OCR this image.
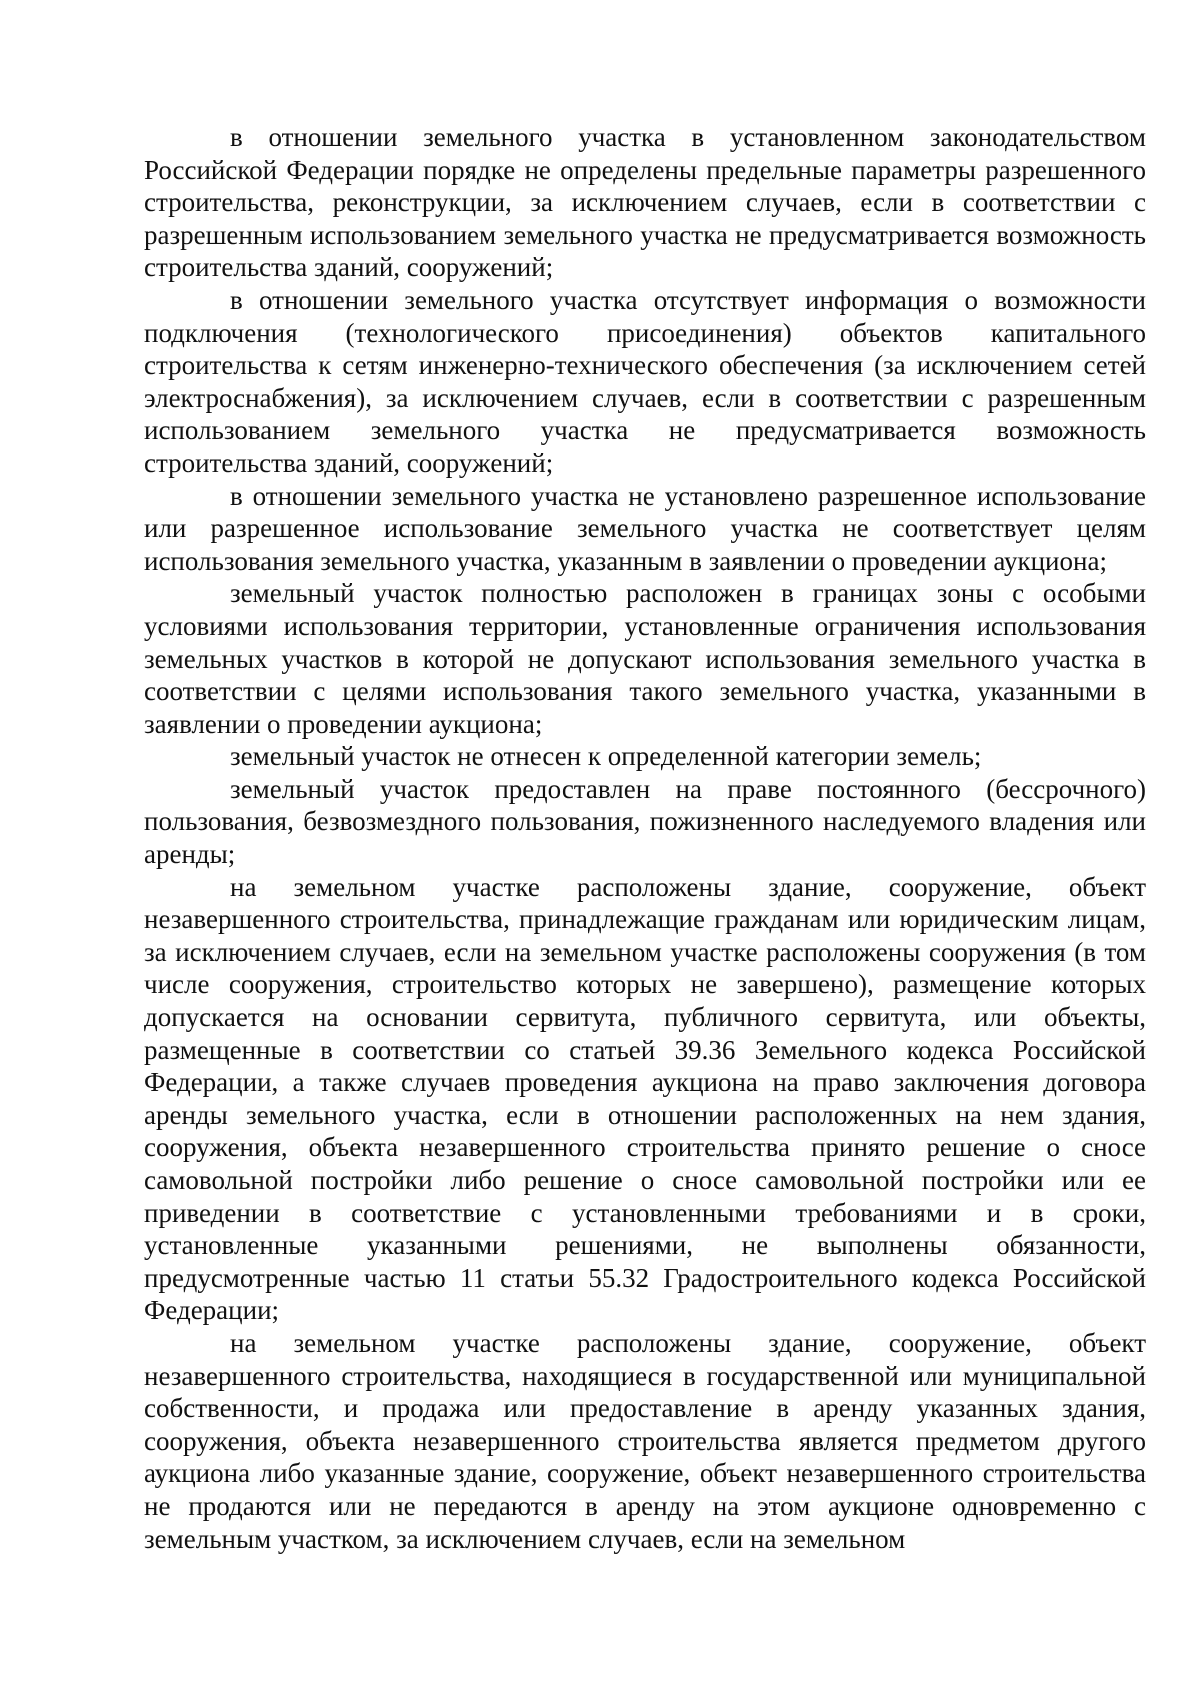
в отношении земельного участка в установленном законодательством Российской Федерации порядке не определены предельные параметры разрешенного строительства, реконструкции, за исключением случаев, если в соответствии с разрешенным использованием земельного участка не предусматривается возможность строительства зданий, сооружений;

в отношении земельного участка отсутствует информация о возможности подключения (технологического присоединения) объектов капитального строительства к сетям инженерно-технического обеспечения (за исключением сетей электроснабжения), за исключением случаев, если в соответствии с разрешенным использованием земельного участка не предусматривается возможность строительства зданий, сооружений;

в отношении земельного участка не установлено разрешенное использование или разрешенное использование земельного участка не соответствует целям использования земельного участка, указанным в заявлении о проведении аукциона;

земельный участок полностью расположен в границах зоны с особыми условиями использования территории, установленные ограничения использования земельных участков в которой не допускают использования земельного участка в соответствии с целями использования такого земельного участка, указанными в заявлении о проведении аукциона;

земельный участок не отнесен к определенной категории земель;

земельный участок предоставлен на праве постоянного (бессрочного) пользования, безвозмездного пользования, пожизненного наследуемого владения или аренды;

на земельном участке расположены здание, сооружение, объект незавершенного строительства, принадлежащие гражданам или юридическим лицам, за исключением случаев, если на земельном участке расположены сооружения (в том числе сооружения, строительство которых не завершено), размещение которых допускается на основании сервитута, публичного сервитута, или объекты, размещенные в соответствии со статьей 39.36 Земельного кодекса Российской Федерации, а также случаев проведения аукциона на право заключения договора аренды земельного участка, если в отношении расположенных на нем здания, сооружения, объекта незавершенного строительства принято решение о сносе самовольной постройки либо решение о сносе самовольной постройки или ее приведении в соответствие с установленными требованиями и в сроки, установленные указанными решениями, не выполнены обязанности, предусмотренные частью 11 статьи 55.32 Градостроительного кодекса Российской Федерации;

на земельном участке расположены здание, сооружение, объект незавершенного строительства, находящиеся в государственной или муниципальной собственности, и продажа или предоставление в аренду указанных здания, сооружения, объекта незавершенного строительства является предметом другого аукциона либо указанные здание, сооружение, объект незавершенного строительства не продаются или не передаются в аренду на этом аукционе одновременно с земельным участком, за исключением случаев, если на земельном
